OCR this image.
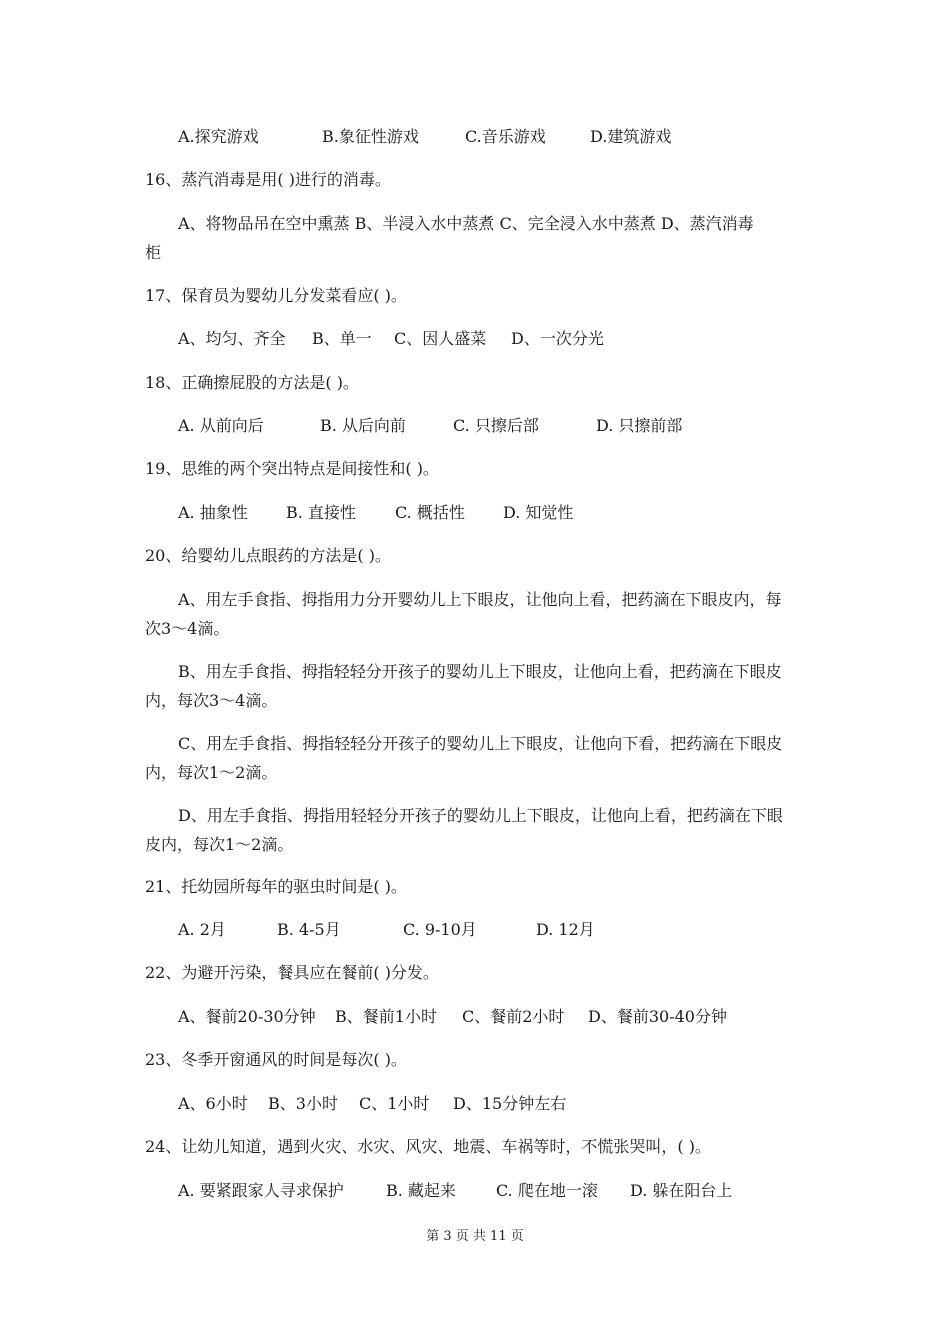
A.探究游戏	B.象征性游戏	C.音乐游戏	D.建筑游戏
16、蒸汽消毒是用( )进行的消毒。
A、将物品吊在空中熏蒸 B、半浸入水中蒸煮 C、完全浸入水中蒸煮 D、蒸汽消毒
柜
17、保育员为婴幼儿分发菜看应( )。
A、均匀、齐全 B、单一 C、因人盛菜 D、一次分光
18、正确擦屁股的方法是( )。
A. 从前向后	B. 从后向前	C. 只擦后部	D. 只擦前部
19、思维的两个突出特点是间接性和( )。
A. 抽象性 B. 直接性 C. 概括性 D. 知觉性
20、给婴幼儿点眼药的方法是( )。
A、用左手食指、拇指用力分开婴幼儿上下眼皮，让他向上看，把药滴在下眼皮内，每
次3～4滴。
B、用左手食指、拇指轻轻分开孩子的婴幼儿上下眼皮，让他向上看，把药滴在下眼皮
内，每次3～4滴。
C、用左手食指、拇指轻轻分开孩子的婴幼儿上下眼皮，让他向下看，把药滴在下眼皮
内，每次1～2滴。
D、用左手食指、拇指用轻轻分开孩子的婴幼儿上下眼皮，让他向上看，把药滴在下眼
皮内，每次1～2滴。
21、托幼园所每年的驱虫时间是( )。
A. 2月	B. 4-5月	C. 9-10月	D. 12月
22、为避开污染，餐具应在餐前( )分发。
A、餐前20-30分钟 B、餐前1小时 C、餐前2小时 D、餐前30-40分钟
23、冬季开窗通风的时间是每次( )。
A、6小时 B、3小时 C、1小时 D、15分钟左右
24、让幼儿知道，遇到火灾、水灾、风灾、地震、车祸等时，不慌张哭叫，( )。
A. 要紧跟家人寻求保护	B. 藏起来	C. 爬在地一滚 D. 躲在阳台上
第 3 页 共 11 页
